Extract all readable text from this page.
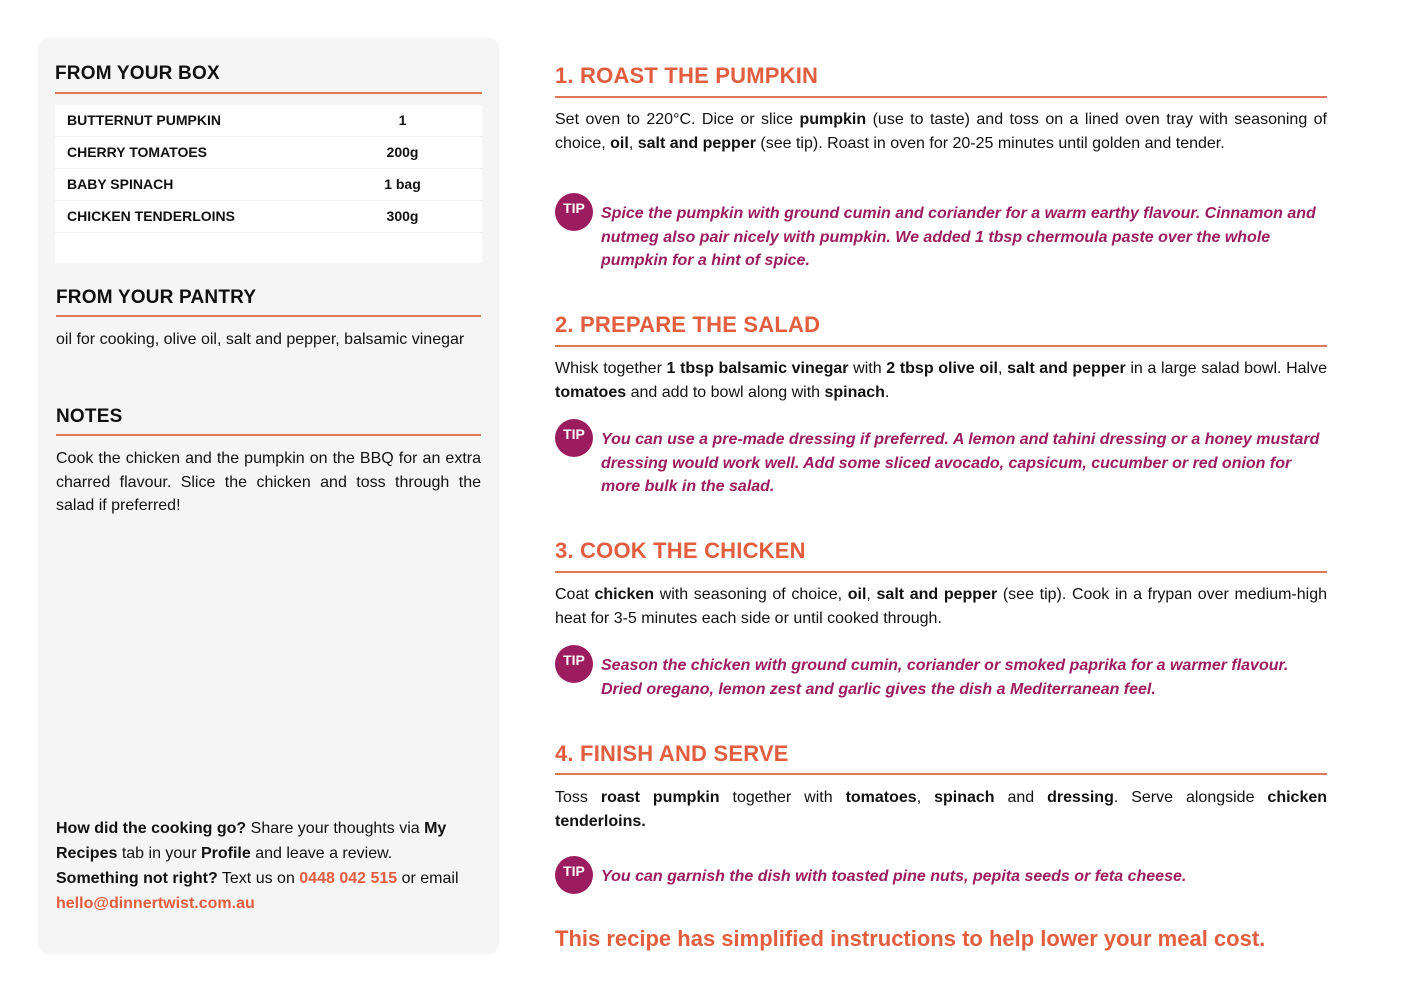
FROM YOUR BOX
BUTTERNUT PUMPKIN	1
CHERRY TOMATOES	200g
BABY SPINACH	1 bag
CHICKEN TENDERLOINS	300g
FROM YOUR PANTRY
oil for cooking, olive oil, salt and pepper, balsamic vinegar
NOTES
Cook the chicken and the pumpkin on the BBQ for an extra charred flavour. Slice the chicken and toss through the salad if preferred!
How did the cooking go? Share your thoughts via My Recipes tab in your Profile and leave a review.
Something not right? Text us on 0448 042 515 or email hello@dinnertwist.com.au
1. ROAST THE PUMPKIN
Set oven to 220°C. Dice or slice pumpkin (use to taste) and toss on a lined oven tray with seasoning of choice, oil, salt and pepper (see tip). Roast in oven for 20-25 minutes until golden and tender.
TIP	Spice the pumpkin with ground cumin and coriander for a warm earthy flavour. Cinnamon and nutmeg also pair nicely with pumpkin. We added 1 tbsp chermoula paste over the whole pumpkin for a hint of spice.
2. PREPARE THE SALAD
Whisk together 1 tbsp balsamic vinegar with 2 tbsp olive oil, salt and pepper in a large salad bowl. Halve tomatoes and add to bowl along with spinach.
TIP	You can use a pre-made dressing if preferred. A lemon and tahini dressing or a honey mustard dressing would work well. Add some sliced avocado, capsicum, cucumber or red onion for more bulk in the salad.
3. COOK THE CHICKEN
Coat chicken with seasoning of choice, oil, salt and pepper (see tip). Cook in a frypan over medium-high heat for 3-5 minutes each side or until cooked through.
TIP	Season the chicken with ground cumin, coriander or smoked paprika for a warmer flavour. Dried oregano, lemon zest and garlic gives the dish a Mediterranean feel.
4. FINISH AND SERVE
Toss roast pumpkin together with tomatoes, spinach and dressing. Serve alongside chicken tenderloins.
TIP	You can garnish the dish with toasted pine nuts, pepita seeds or feta cheese.
This recipe has simplified instructions to help lower your meal cost.
